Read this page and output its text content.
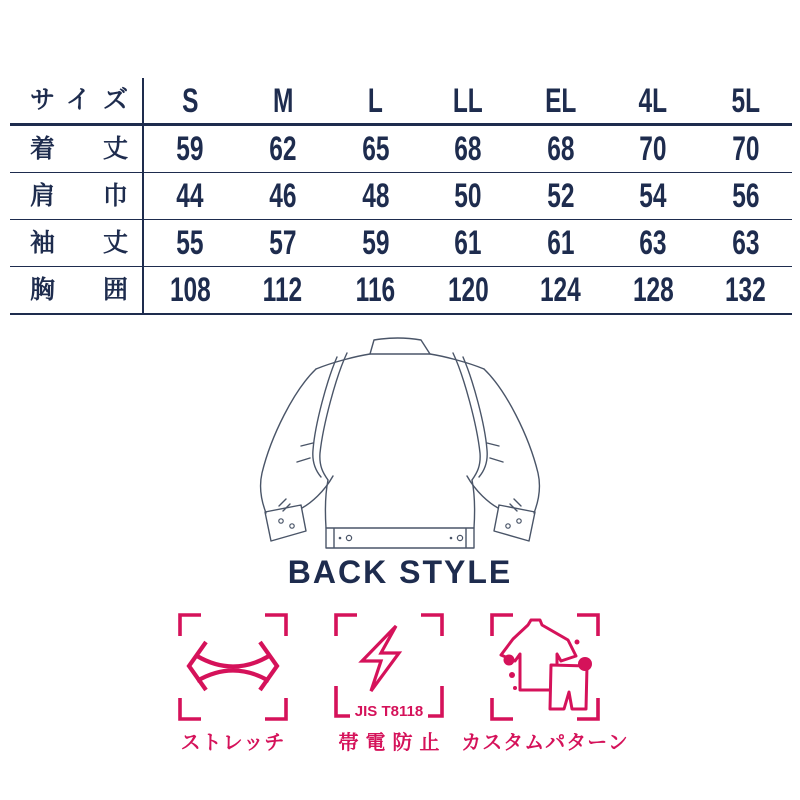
サイズ	S	M	L	LL	EL	4L	5L
着丈	59	62	65	68	68	70	70
肩巾	44	46	48	50	52	54	56
袖丈	55	57	59	61	61	63	63
胸囲	108	112	116	120	124	128	132
BACK STYLE
ストレッチ
JIS T8118
帯電防止 カスタムパターン
